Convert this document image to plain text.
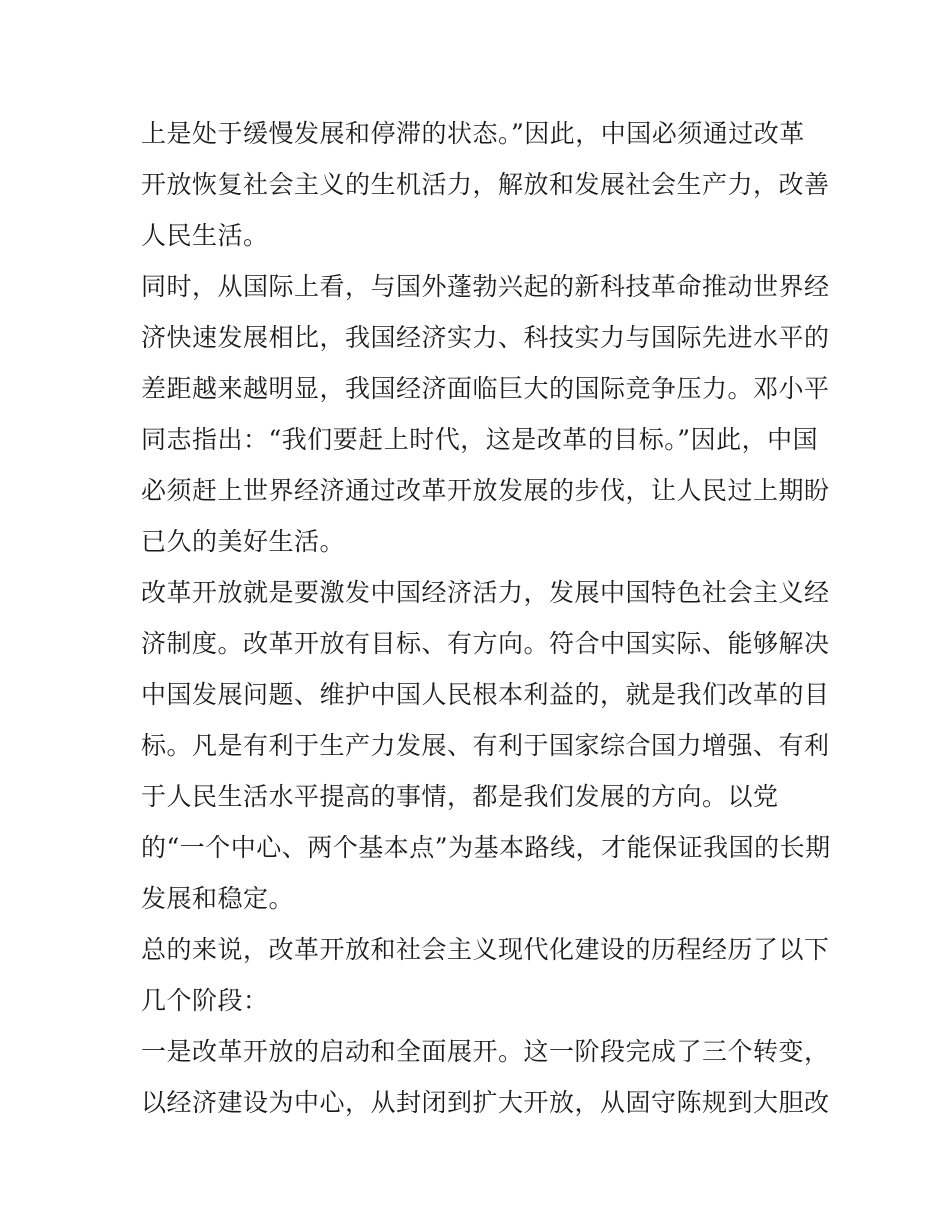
上是处于缓慢发展和停滞的状态。”因此，中国必须通过改革
开放恢复社会主义的生机活力，解放和发展社会生产力，改善
人民生活。
同时，从国际上看，与国外蓬勃兴起的新科技革命推动世界经
济快速发展相比，我国经济实力、科技实力与国际先进水平的
差距越来越明显，我国经济面临巨大的国际竞争压力。邓小平
同志指出：“我们要赶上时代，这是改革的目标。”因此，中国
必须赶上世界经济通过改革开放发展的步伐，让人民过上期盼
已久的美好生活。
改革开放就是要激发中国经济活力，发展中国特色社会主义经
济制度。改革开放有目标、有方向。符合中国实际、能够解决
中国发展问题、维护中国人民根本利益的，就是我们改革的目
标。凡是有利于生产力发展、有利于国家综合国力增强、有利
于人民生活水平提高的事情，都是我们发展的方向。以党
的“一个中心、两个基本点”为基本路线，才能保证我国的长期
发展和稳定。
总的来说，改革开放和社会主义现代化建设的历程经历了以下
几个阶段：
一是改革开放的启动和全面展开。这一阶段完成了三个转变，
以经济建设为中心，从封闭到扩大开放，从固守陈规到大胆改
